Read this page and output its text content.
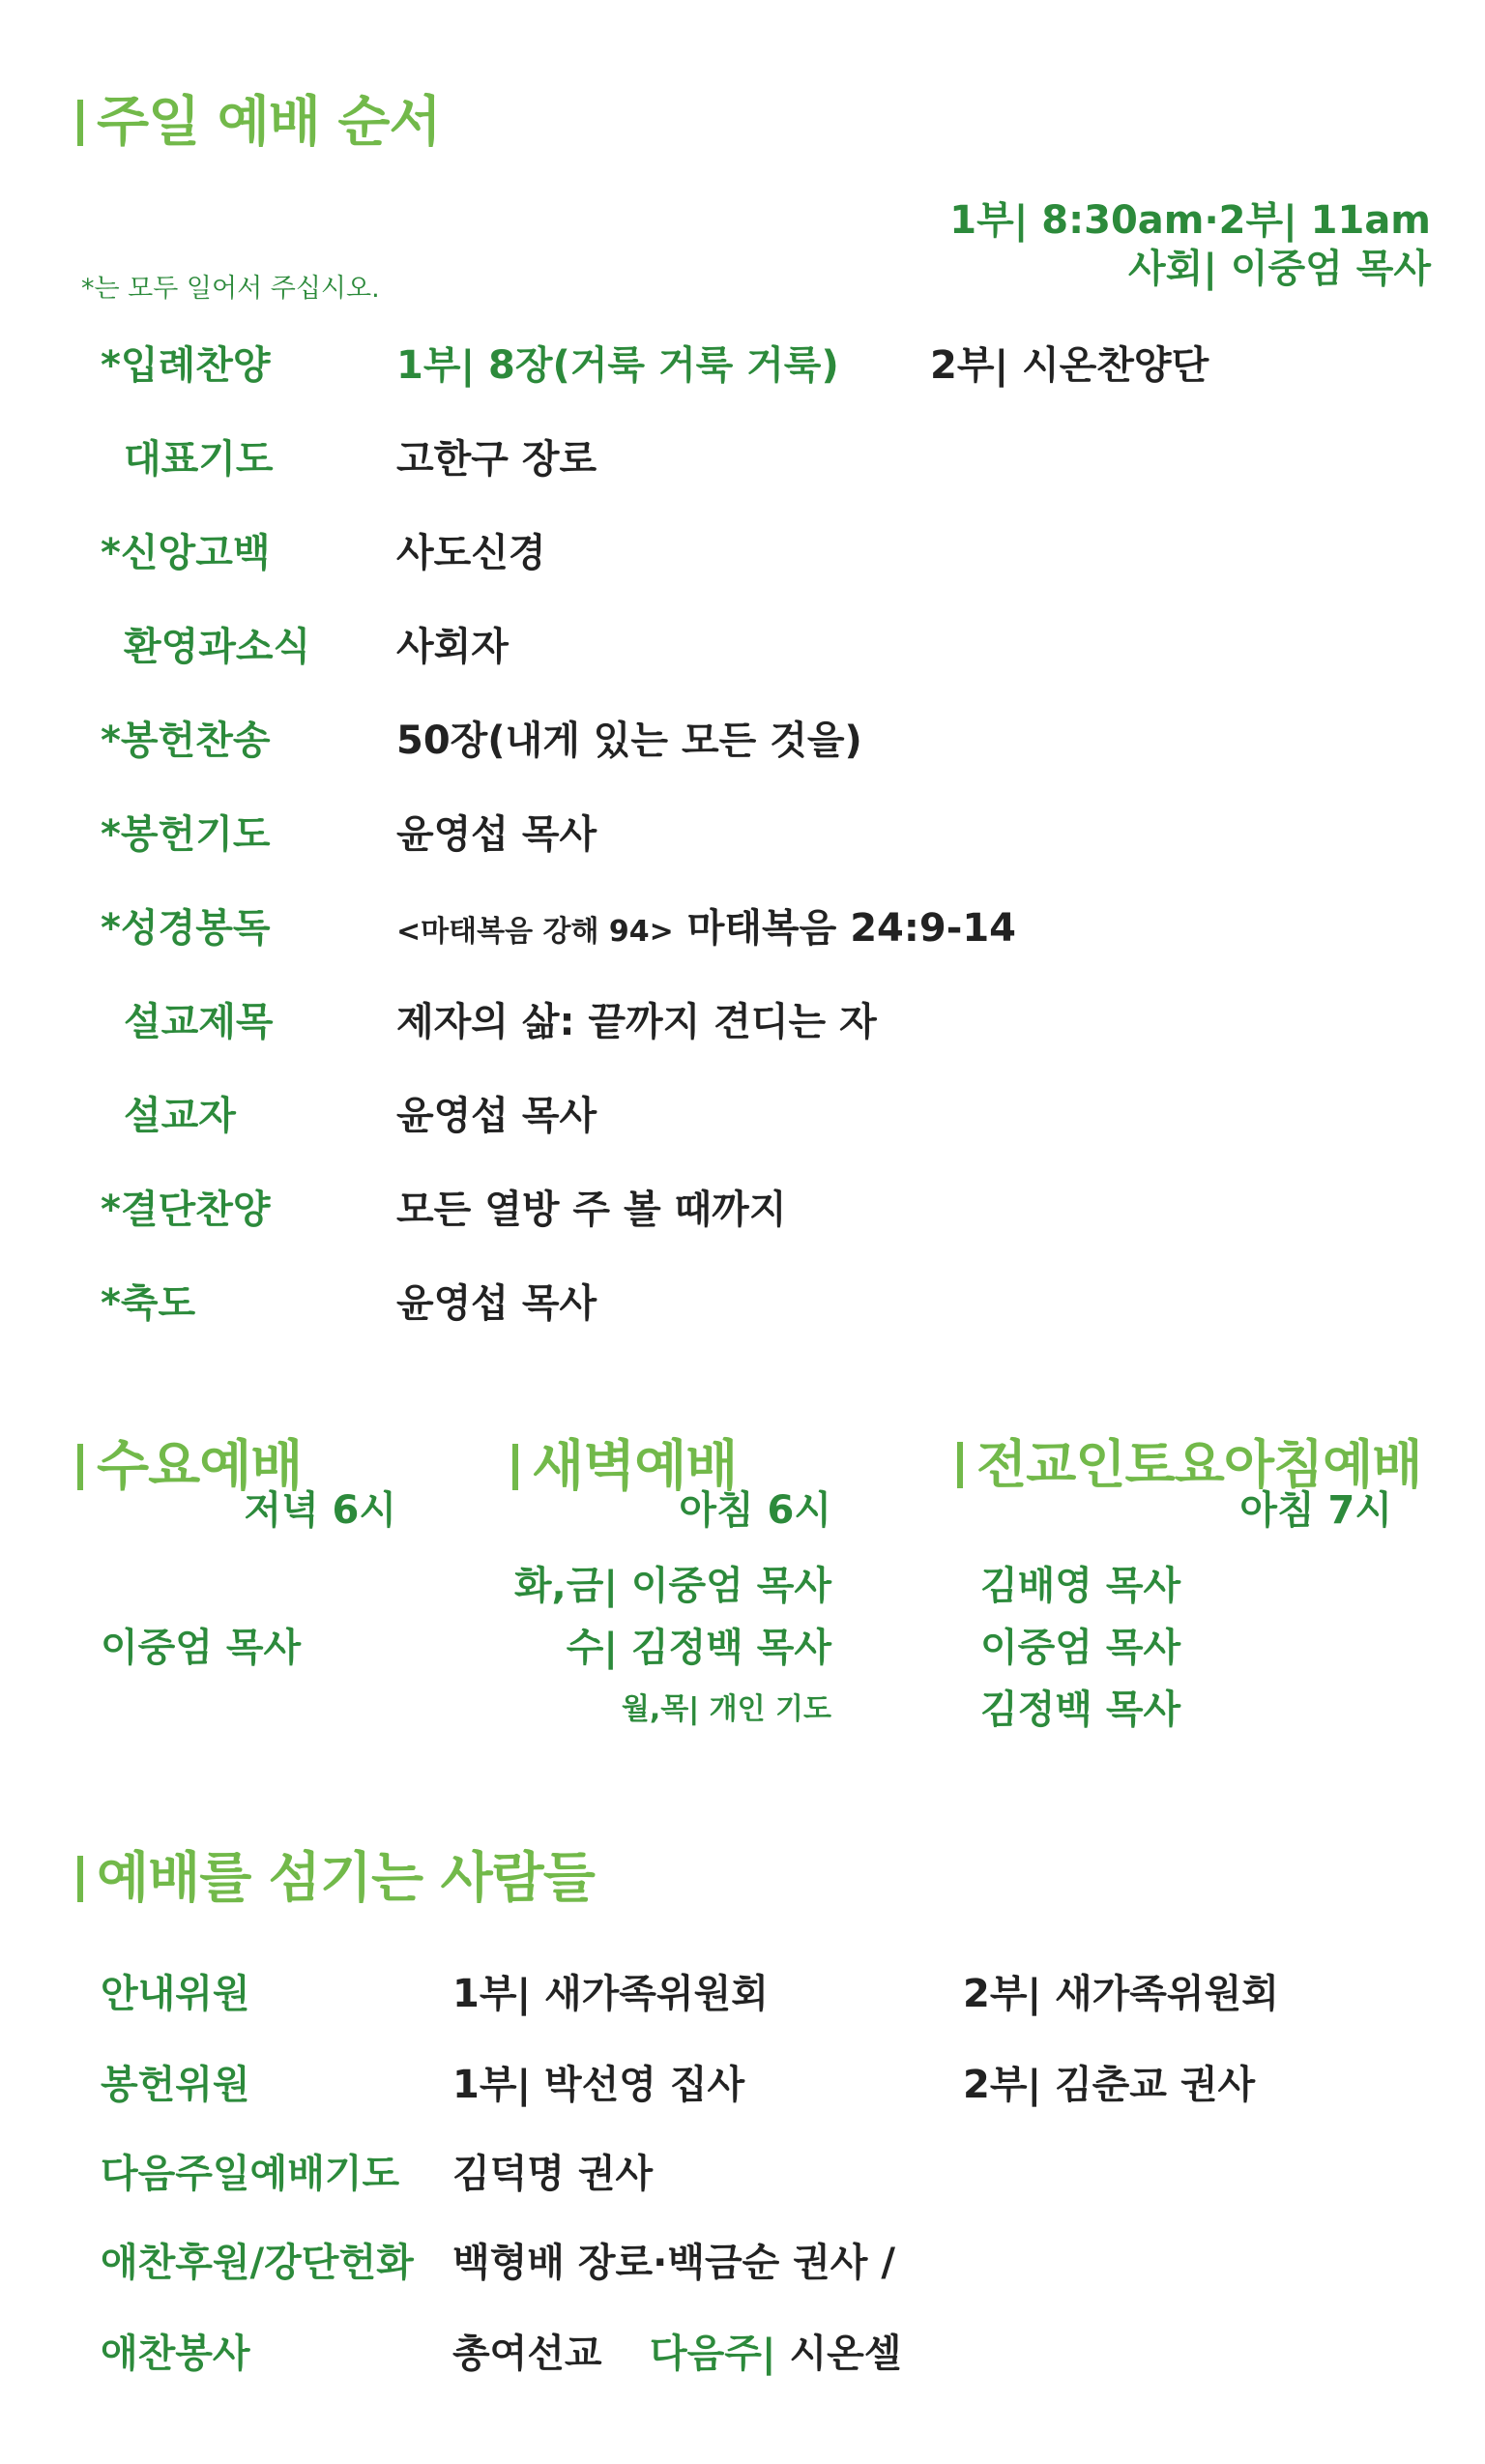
주일 예배 순서
1부| 8:30am·2부| 11am
사회| 이중엄 목사
*는 모두 일어서 주십시오.
*입례찬양	1부| 8장(거룩 거룩 거룩) 2부| 시온찬양단
대표기도	고한구 장로
*신앙고백	사도신경
환영과소식 사회자
*봉헌찬송	50장(내게 있는 모든 것을)
*봉헌기도	윤영섭 목사
*성경봉독	<마태복음 강해 94> 마태복음 24:9-14
설교제목	제자의 삶: 끝까지 견디는 자
설교자	윤영섭 목사
*결단찬양	모든 열방 주 볼 때까지
*축도	윤영섭 목사
수요예배
저녁 6시
이중엄 목사
새벽예배
아침 6시
화,금| 이중엄 목사
수| 김정백 목사
월,목| 개인 기도
전교인토요아침예배
아침 7시
김배영 목사
이중엄 목사
김정백 목사
예배를 섬기는 사람들
안내위원	1부| 새가족위원회	2부| 새가족위원회
봉헌위원	1부| 박선영 집사	2부| 김춘교 권사
다음주일예배기도 김덕명 권사
애찬후원/강단헌화 백형배 장로·백금순 권사 /
애찬봉사	총여선교 다음주| 시온셀
